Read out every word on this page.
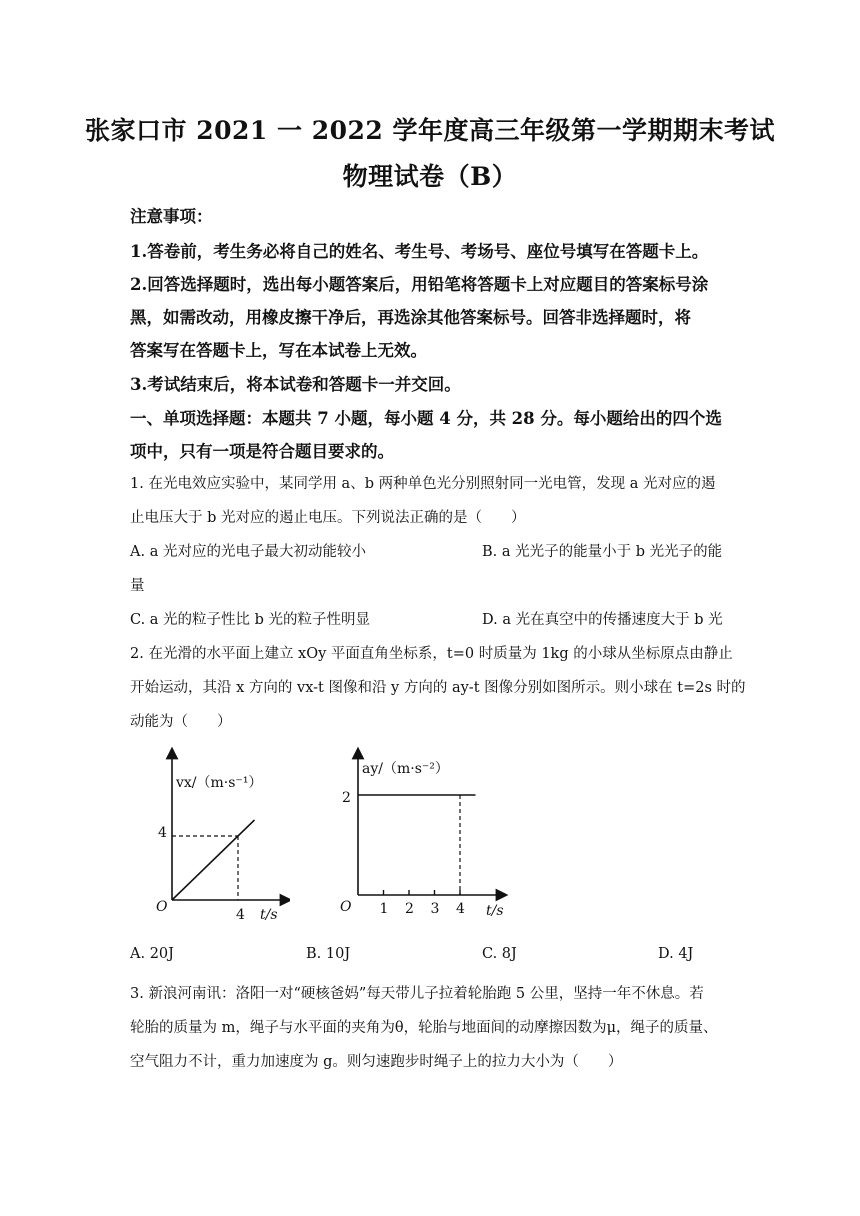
张家口市 2021 一 2022 学年度高三年级第一学期期末考试
物理试卷（B）
注意事项：
1.答卷前，考生务必将自己的姓名、考生号、考场号、座位号填写在答题卡上。
2.回答选择题时，选出每小题答案后，用铅笔将答题卡上对应题目的答案标号涂
黑，如需改动，用橡皮擦干净后，再选涂其他答案标号。回答非选择题时，将
答案写在答题卡上，写在本试卷上无效。
3.考试结束后，将本试卷和答题卡一并交回。
一、单项选择题：本题共 7 小题，每小题 4 分，共 28 分。每小题给出的四个选
项中，只有一项是符合题目要求的。
1. 在光电效应实验中，某同学用 a、b 两种单色光分别照射同一光电管，发现 a 光对应的遏
止电压大于 b 光对应的遏止电压。下列说法正确的是（　　）
A. a 光对应的光电子最大初动能较小	B. a 光光子的能量小于 b 光光子的能
量
C. a 光的粒子性比 b 光的粒子性明显	D. a 光在真空中的传播速度大于 b 光
2. 在光滑的水平面上建立 xOy 平面直角坐标系，t=0 时质量为 1kg 的小球从坐标原点由静止
开始运动，其沿 x 方向的 vx-t 图像和沿 y 方向的 ay-t 图像分别如图所示。则小球在 t=2s 时的
动能为（　　）
vx/（m·s⁻¹）
4
O	4 t/s	1 2 3 4
ay/（m·s⁻²）
2
O	t/s
A. 20J	B. 10J	C. 8J	D. 4J
3. 新浪河南讯：洛阳一对“硬核爸妈”每天带儿子拉着轮胎跑 5 公里，坚持一年不休息。若
轮胎的质量为 m，绳子与水平面的夹角为θ，轮胎与地面间的动摩擦因数为μ，绳子的质量、
空气阻力不计，重力加速度为 g。则匀速跑步时绳子上的拉力大小为（　　）
